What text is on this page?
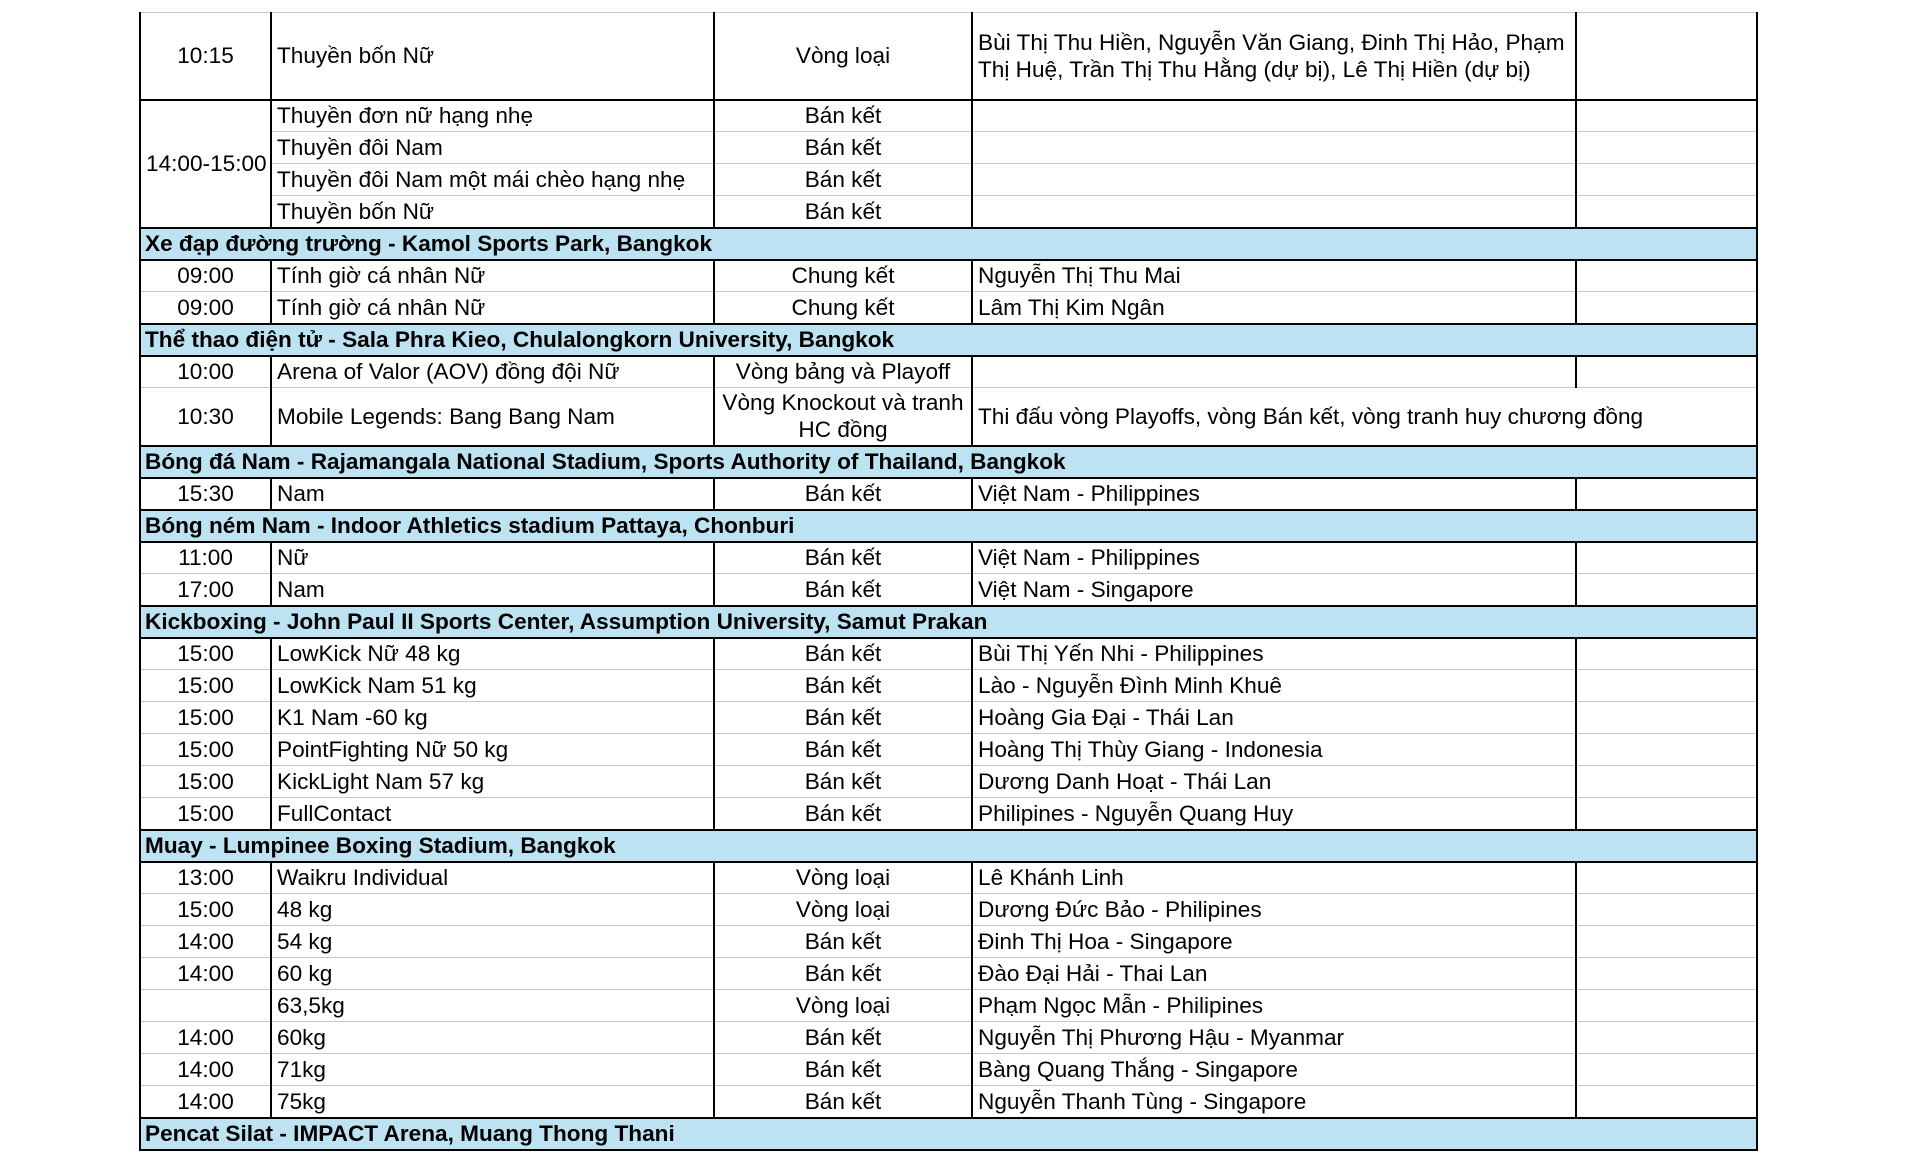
10:15	Thuyền bốn Nữ	Vòng loại	Bùi Thị Thu Hiền, Nguyễn Văn Giang, Đinh Thị Hảo, Phạm Thị Huệ, Trần Thị Thu Hằng (dự bị), Lê Thị Hiền (dự bị)	
14:00-15:00	Thuyền đơn nữ hạng nhẹ	Bán kết		
	Thuyền đôi Nam	Bán kết		
	Thuyền đôi Nam một mái chèo hạng nhẹ	Bán kết		
	Thuyền bốn Nữ	Bán kết		
Xe đạp đường trường - Kamol Sports Park, Bangkok				
09:00	Tính giờ cá nhân Nữ	Chung kết	Nguyễn Thị Thu Mai	
09:00	Tính giờ cá nhân Nữ	Chung kết	Lâm Thị Kim Ngân	
Thể thao điện tử - Sala Phra Kieo, Chulalongkorn University, Bangkok				
10:00	Arena of Valor (AOV) đồng đội Nữ	Vòng bảng và Playoff		
10:30	Mobile Legends: Bang Bang Nam	Vòng Knockout và tranh HC đồng	Thi đấu vòng Playoffs, vòng Bán kết, vòng tranh huy chương đồng	
Bóng đá Nam - Rajamangala National Stadium, Sports Authority of Thailand, Bangkok				
15:30	Nam	Bán kết	Việt Nam - Philippines	
Bóng ném Nam - Indoor Athletics stadium Pattaya, Chonburi				
11:00	Nữ	Bán kết	Việt Nam - Philippines	
17:00	Nam	Bán kết	Việt Nam - Singapore	
Kickboxing - John Paul II Sports Center, Assumption University, Samut Prakan				
15:00	LowKick Nữ 48 kg	Bán kết	Bùi Thị Yến Nhi - Philippines	
15:00	LowKick Nam 51 kg	Bán kết	Lào - Nguyễn Đình Minh Khuê	
15:00	K1 Nam -60 kg	Bán kết	Hoàng Gia Đại - Thái Lan	
15:00	PointFighting Nữ 50 kg	Bán kết	Hoàng Thị Thùy Giang - Indonesia	
15:00	KickLight Nam 57 kg	Bán kết	Dương Danh Hoạt - Thái Lan	
15:00	FullContact	Bán kết	Philipines - Nguyễn Quang Huy	
Muay - Lumpinee Boxing Stadium, Bangkok				
13:00	Waikru Individual	Vòng loại	Lê Khánh Linh	
15:00	48 kg	Vòng loại	Dương Đức Bảo - Philipines	
14:00	54 kg	Bán kết	Đinh Thị Hoa - Singapore	
14:00	60 kg	Bán kết	Đào Đại Hải - Thai Lan	
	63,5kg	Vòng loại	Phạm Ngọc Mẫn - Philipines	
14:00	60kg	Bán kết	Nguyễn Thị Phương Hậu - Myanmar	
14:00	71kg	Bán kết	Bàng Quang Thắng - Singapore	
14:00	75kg	Bán kết	Nguyễn Thanh Tùng - Singapore	
Pencat Silat - IMPACT Arena, Muang Thong Thani				
